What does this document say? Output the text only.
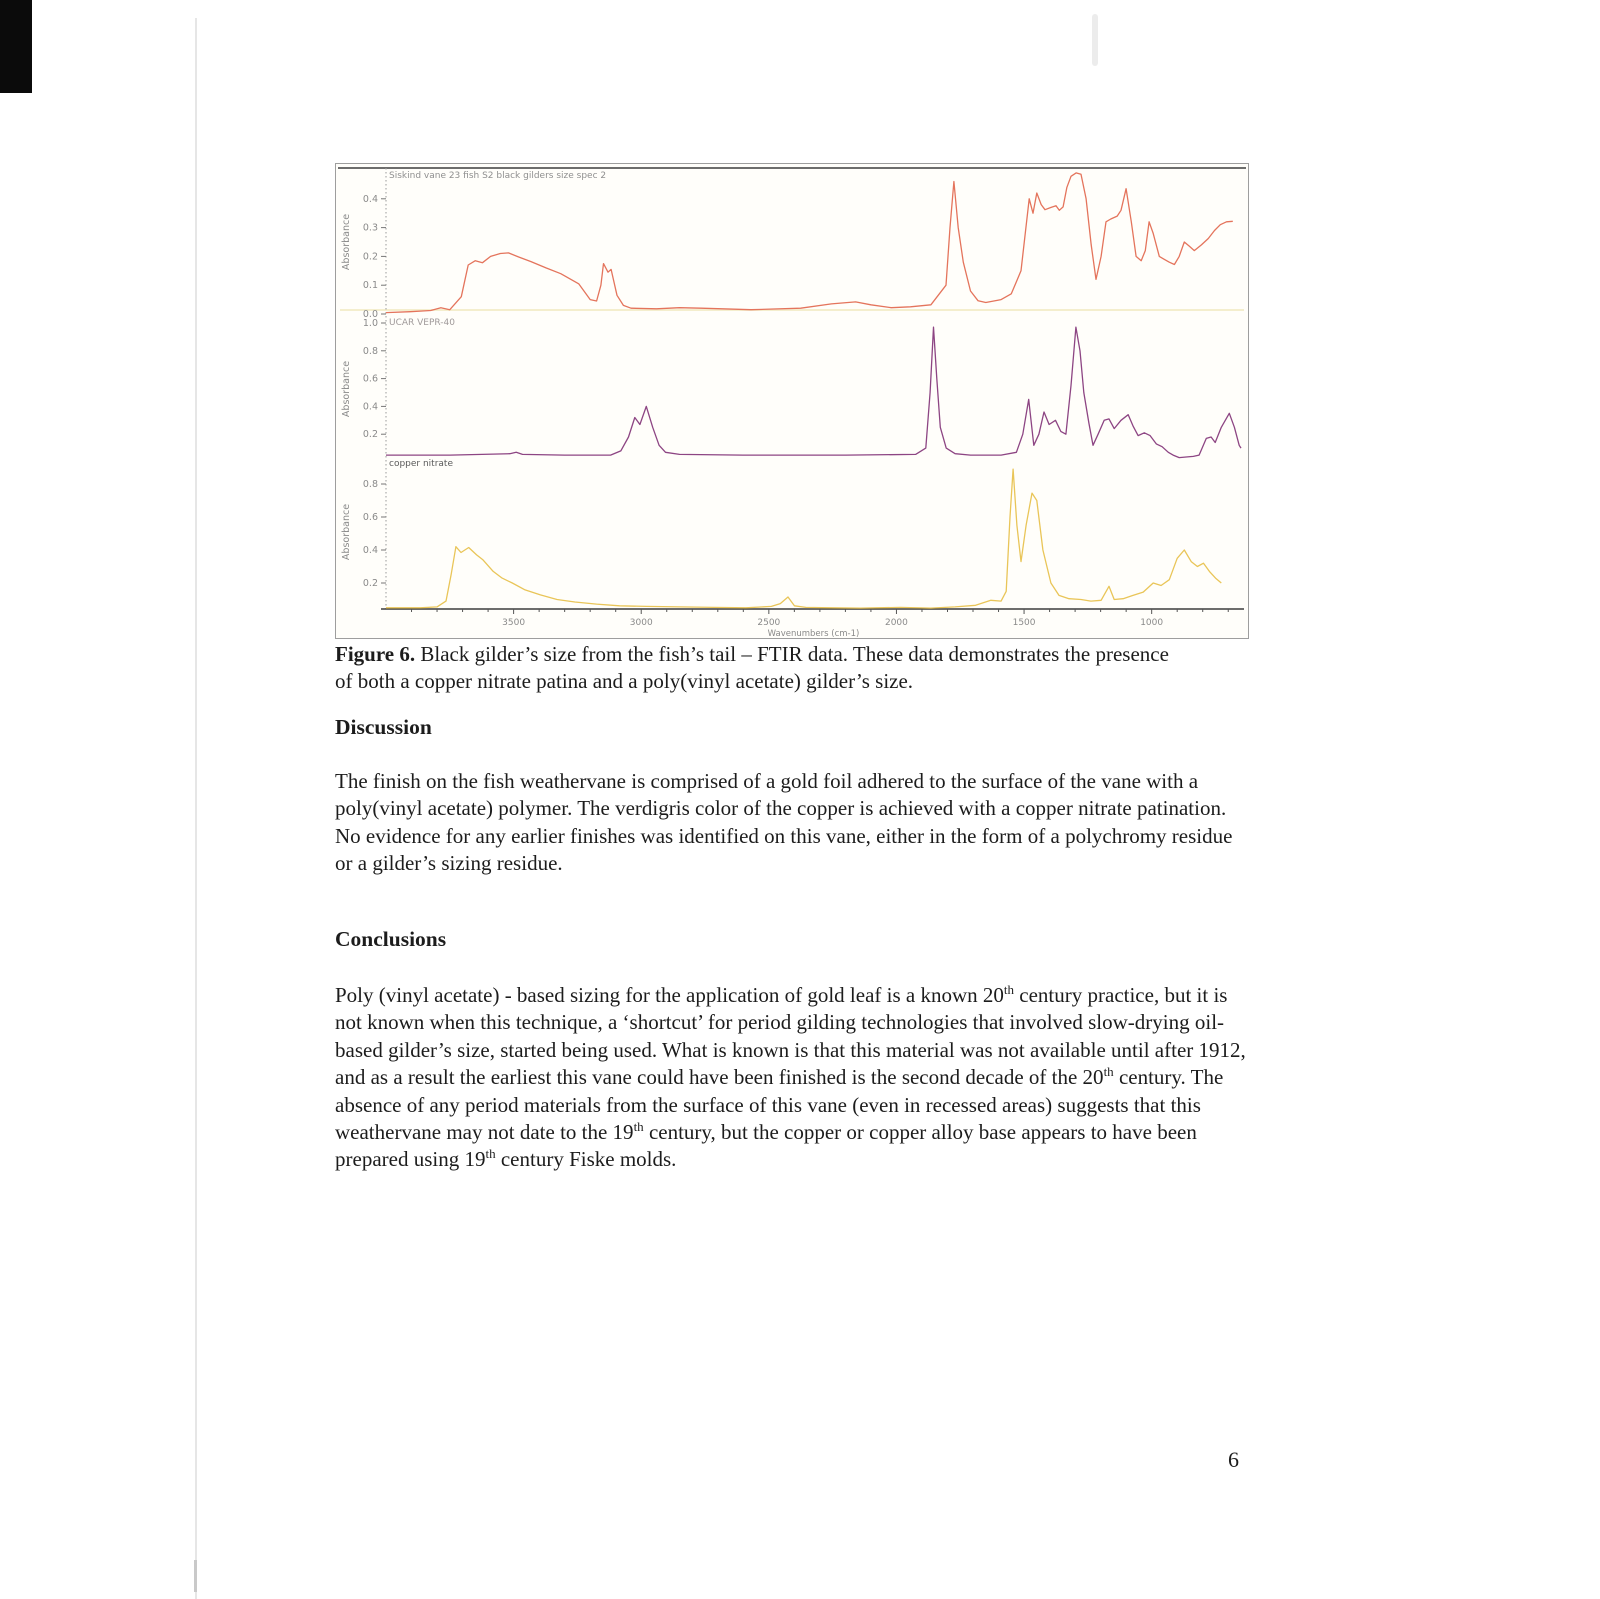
0.4
0.3
0.2
0.1
0.0
Absorbance
Siskind vane 23 fish S2 black gilders size spec 2
1.0
0.8
0.6
0.4
0.2
Absorbance
UCAR VEPR-40
0.8
0.6
0.4
0.2
Absorbance
copper nitrate
3500	3000	2500	2000	1500	1000
Wavenumbers (cm-1)
Figure 6. Black gilder’s size from the fish’s tail – FTIR data. These data demonstrates the presence of both a copper nitrate patina and a poly(vinyl acetate) gilder’s size.
Discussion
The finish on the fish weathervane is comprised of a gold foil adhered to the surface of the vane with a poly(vinyl acetate) polymer. The verdigris color of the copper is achieved with a copper nitrate patination. No evidence for any earlier finishes was identified on this vane, either in the form of a polychromy residue or a gilder’s sizing residue.
Conclusions
Poly (vinyl acetate) - based sizing for the application of gold leaf is a known 20th century practice, but it is not known when this technique, a ‘shortcut’ for period gilding technologies that involved slow-drying oil-based gilder’s size, started being used. What is known is that this material was not available until after 1912, and as a result the earliest this vane could have been finished is the second decade of the 20th century. The absence of any period materials from the surface of this vane (even in recessed areas) suggests that this weathervane may not date to the 19th century, but the copper or copper alloy base appears to have been prepared using 19th century Fiske molds.
6
